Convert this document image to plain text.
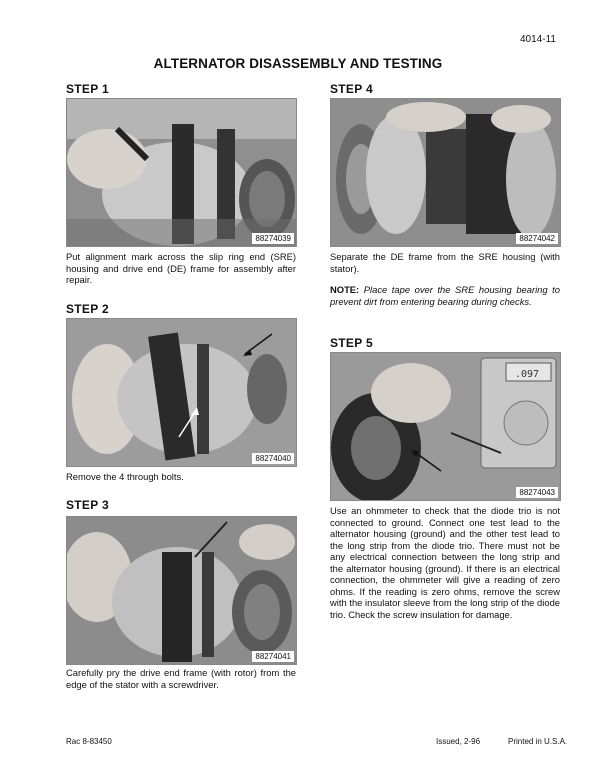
4014-11
ALTERNATOR DISASSEMBLY AND TESTING
STEP 1
88274039
Put alignment mark across the slip ring end (SRE) housing and drive end (DE) frame for assembly after repair.
STEP 2
88274040
Remove the 4 through bolts.
STEP 3
88274041
Carefully pry the drive end frame (with rotor) from the edge of the stator with a screwdriver.
STEP 4
88274042
Separate the DE frame from the SRE housing (with stator).
NOTE: Place tape over the SRE housing bearing to prevent dirt from entering bearing during checks.
STEP 5
.097
88274043
Use an ohmmeter to check that the diode trio is not connected to ground. Connect one test lead to the alternator housing (ground) and the other test lead to the long strip from the diode trio. There must not be any electrical connection between the long strip and the alternator housing (ground). If there is an electrical connection, the ohmmeter will give a reading of zero ohms. If the reading is zero ohms, remove the screw with the insulator sleeve from the long strip of the diode trio. Check the screw insulation for damage.
Rac 8-83450	Issued, 2-96	Printed in U.S.A.
